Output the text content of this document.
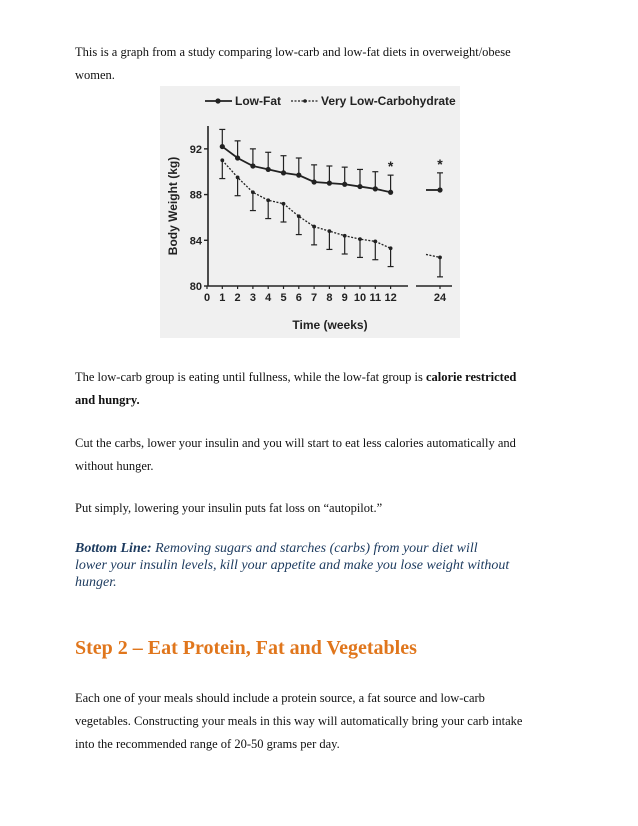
This is a graph from a study comparing low-carb and low-fat diets in overweight/obese
women.

80
84
88
92
0 1 2 3 4 5 6 7 8 9 10 11 12	24
Time (weeks)
Body Weight (kg)
Low-Fat	Very Low-Carbohydrate
*	*

The low-carb group is eating until fullness, while the low-fat group is calorie restricted
and hungry.

Cut the carbs, lower your insulin and you will start to eat less calories automatically and
without hunger.

Put simply, lowering your insulin puts fat loss on “autopilot.”

Bottom Line: Removing sugars and starches (carbs) from your diet will
lower your insulin levels, kill your appetite and make you lose weight without
hunger.

Step 2 – Eat Protein, Fat and Vegetables

Each one of your meals should include a protein source, a fat source and low-carb
vegetables. Constructing your meals in this way will automatically bring your carb intake
into the recommended range of 20-50 grams per day.
